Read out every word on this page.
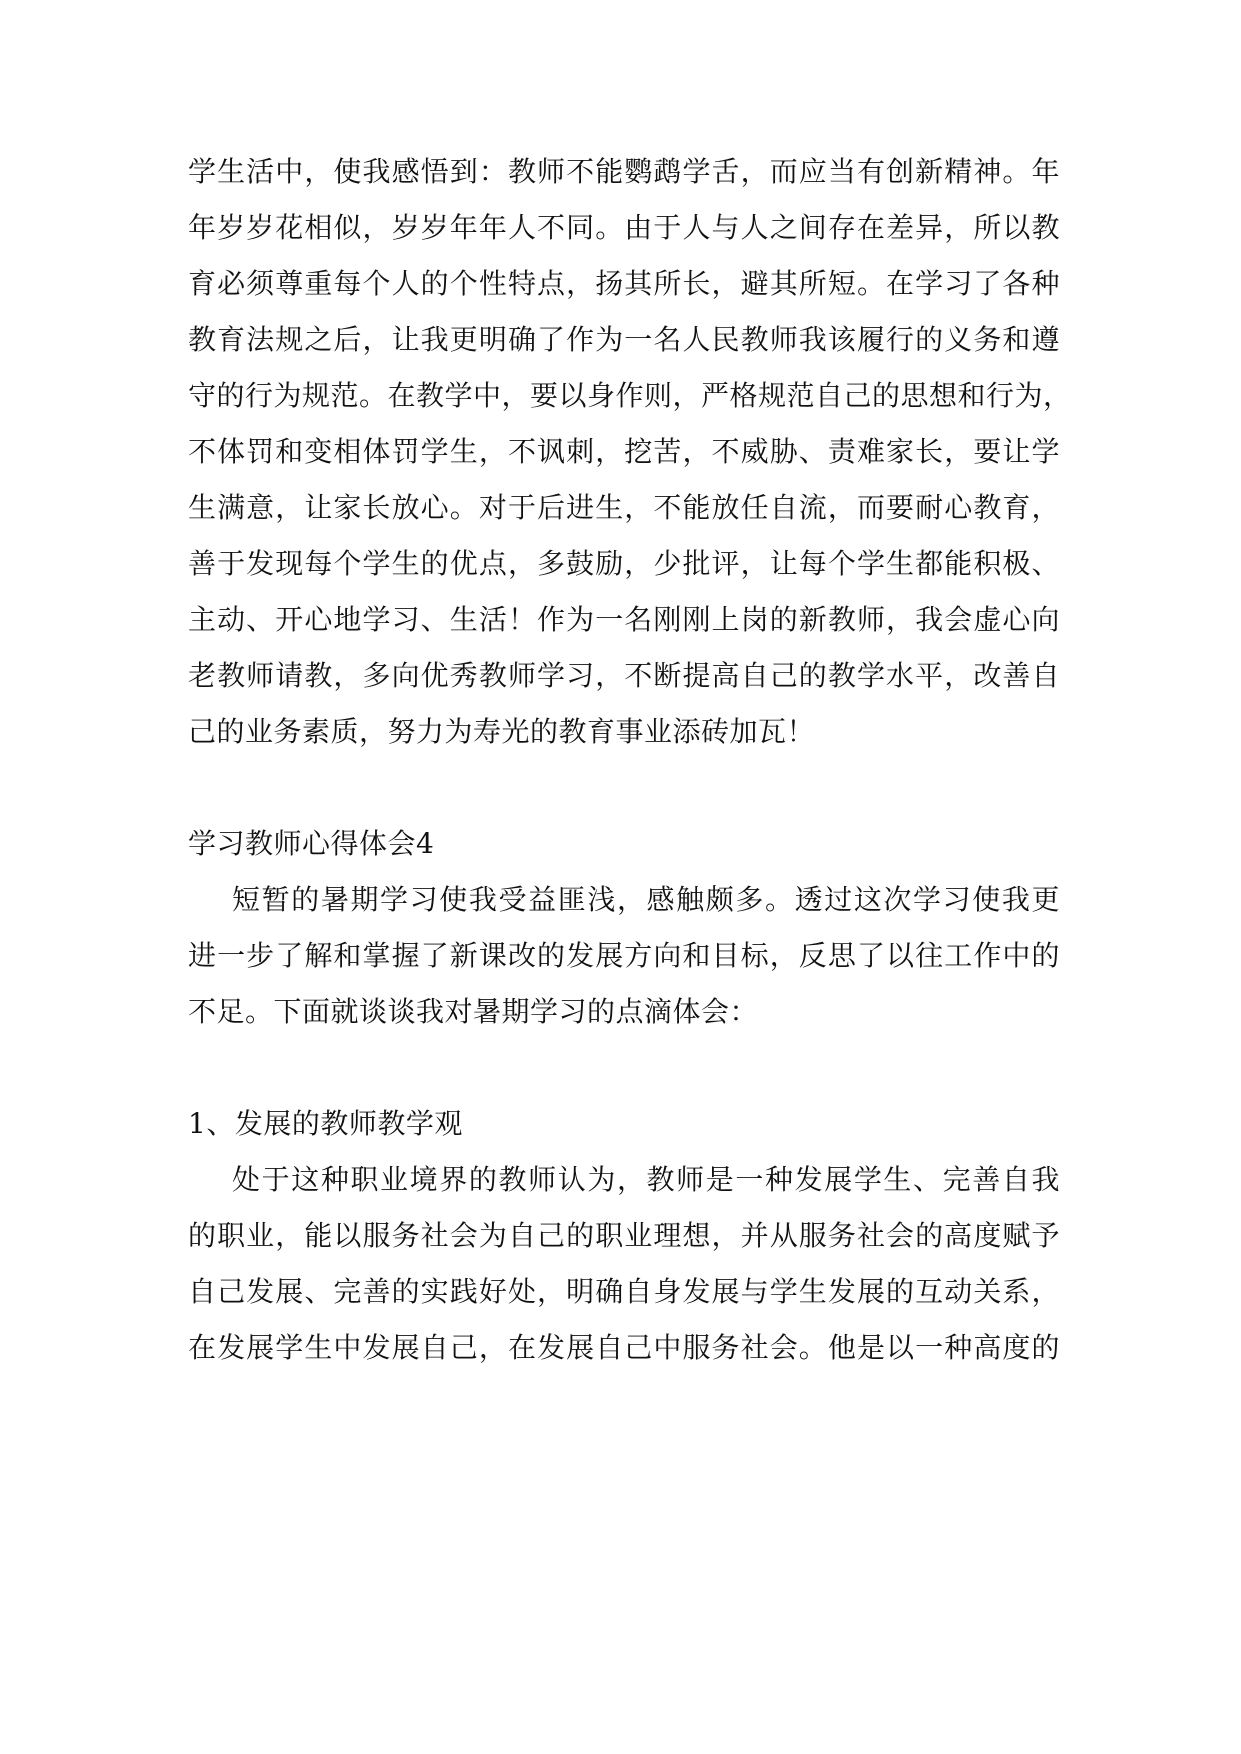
学生活中，使我感悟到：教师不能鹦鹉学舌，而应当有创新精神。年
年岁岁花相似，岁岁年年人不同。由于人与人之间存在差异，所以教
育必须尊重每个人的个性特点，扬其所长，避其所短。在学习了各种
教育法规之后，让我更明确了作为一名人民教师我该履行的义务和遵
守的行为规范。在教学中，要以身作则，严格规范自己的思想和行为，
不体罚和变相体罚学生，不讽刺，挖苦，不威胁、责难家长，要让学
生满意，让家长放心。对于后进生，不能放任自流，而要耐心教育，
善于发现每个学生的优点，多鼓励，少批评，让每个学生都能积极、
主动、开心地学习、生活！作为一名刚刚上岗的新教师，我会虚心向
老教师请教，多向优秀教师学习，不断提高自己的教学水平，改善自
己的业务素质，努力为寿光的教育事业添砖加瓦！
学习教师心得体会4
短暂的暑期学习使我受益匪浅，感触颇多。透过这次学习使我更
进一步了解和掌握了新课改的发展方向和目标，反思了以往工作中的
不足。下面就谈谈我对暑期学习的点滴体会：
1、发展的教师教学观
处于这种职业境界的教师认为，教师是一种发展学生、完善自我
的职业，能以服务社会为自己的职业理想，并从服务社会的高度赋予
自己发展、完善的实践好处，明确自身发展与学生发展的互动关系，
在发展学生中发展自己，在发展自己中服务社会。他是以一种高度的
